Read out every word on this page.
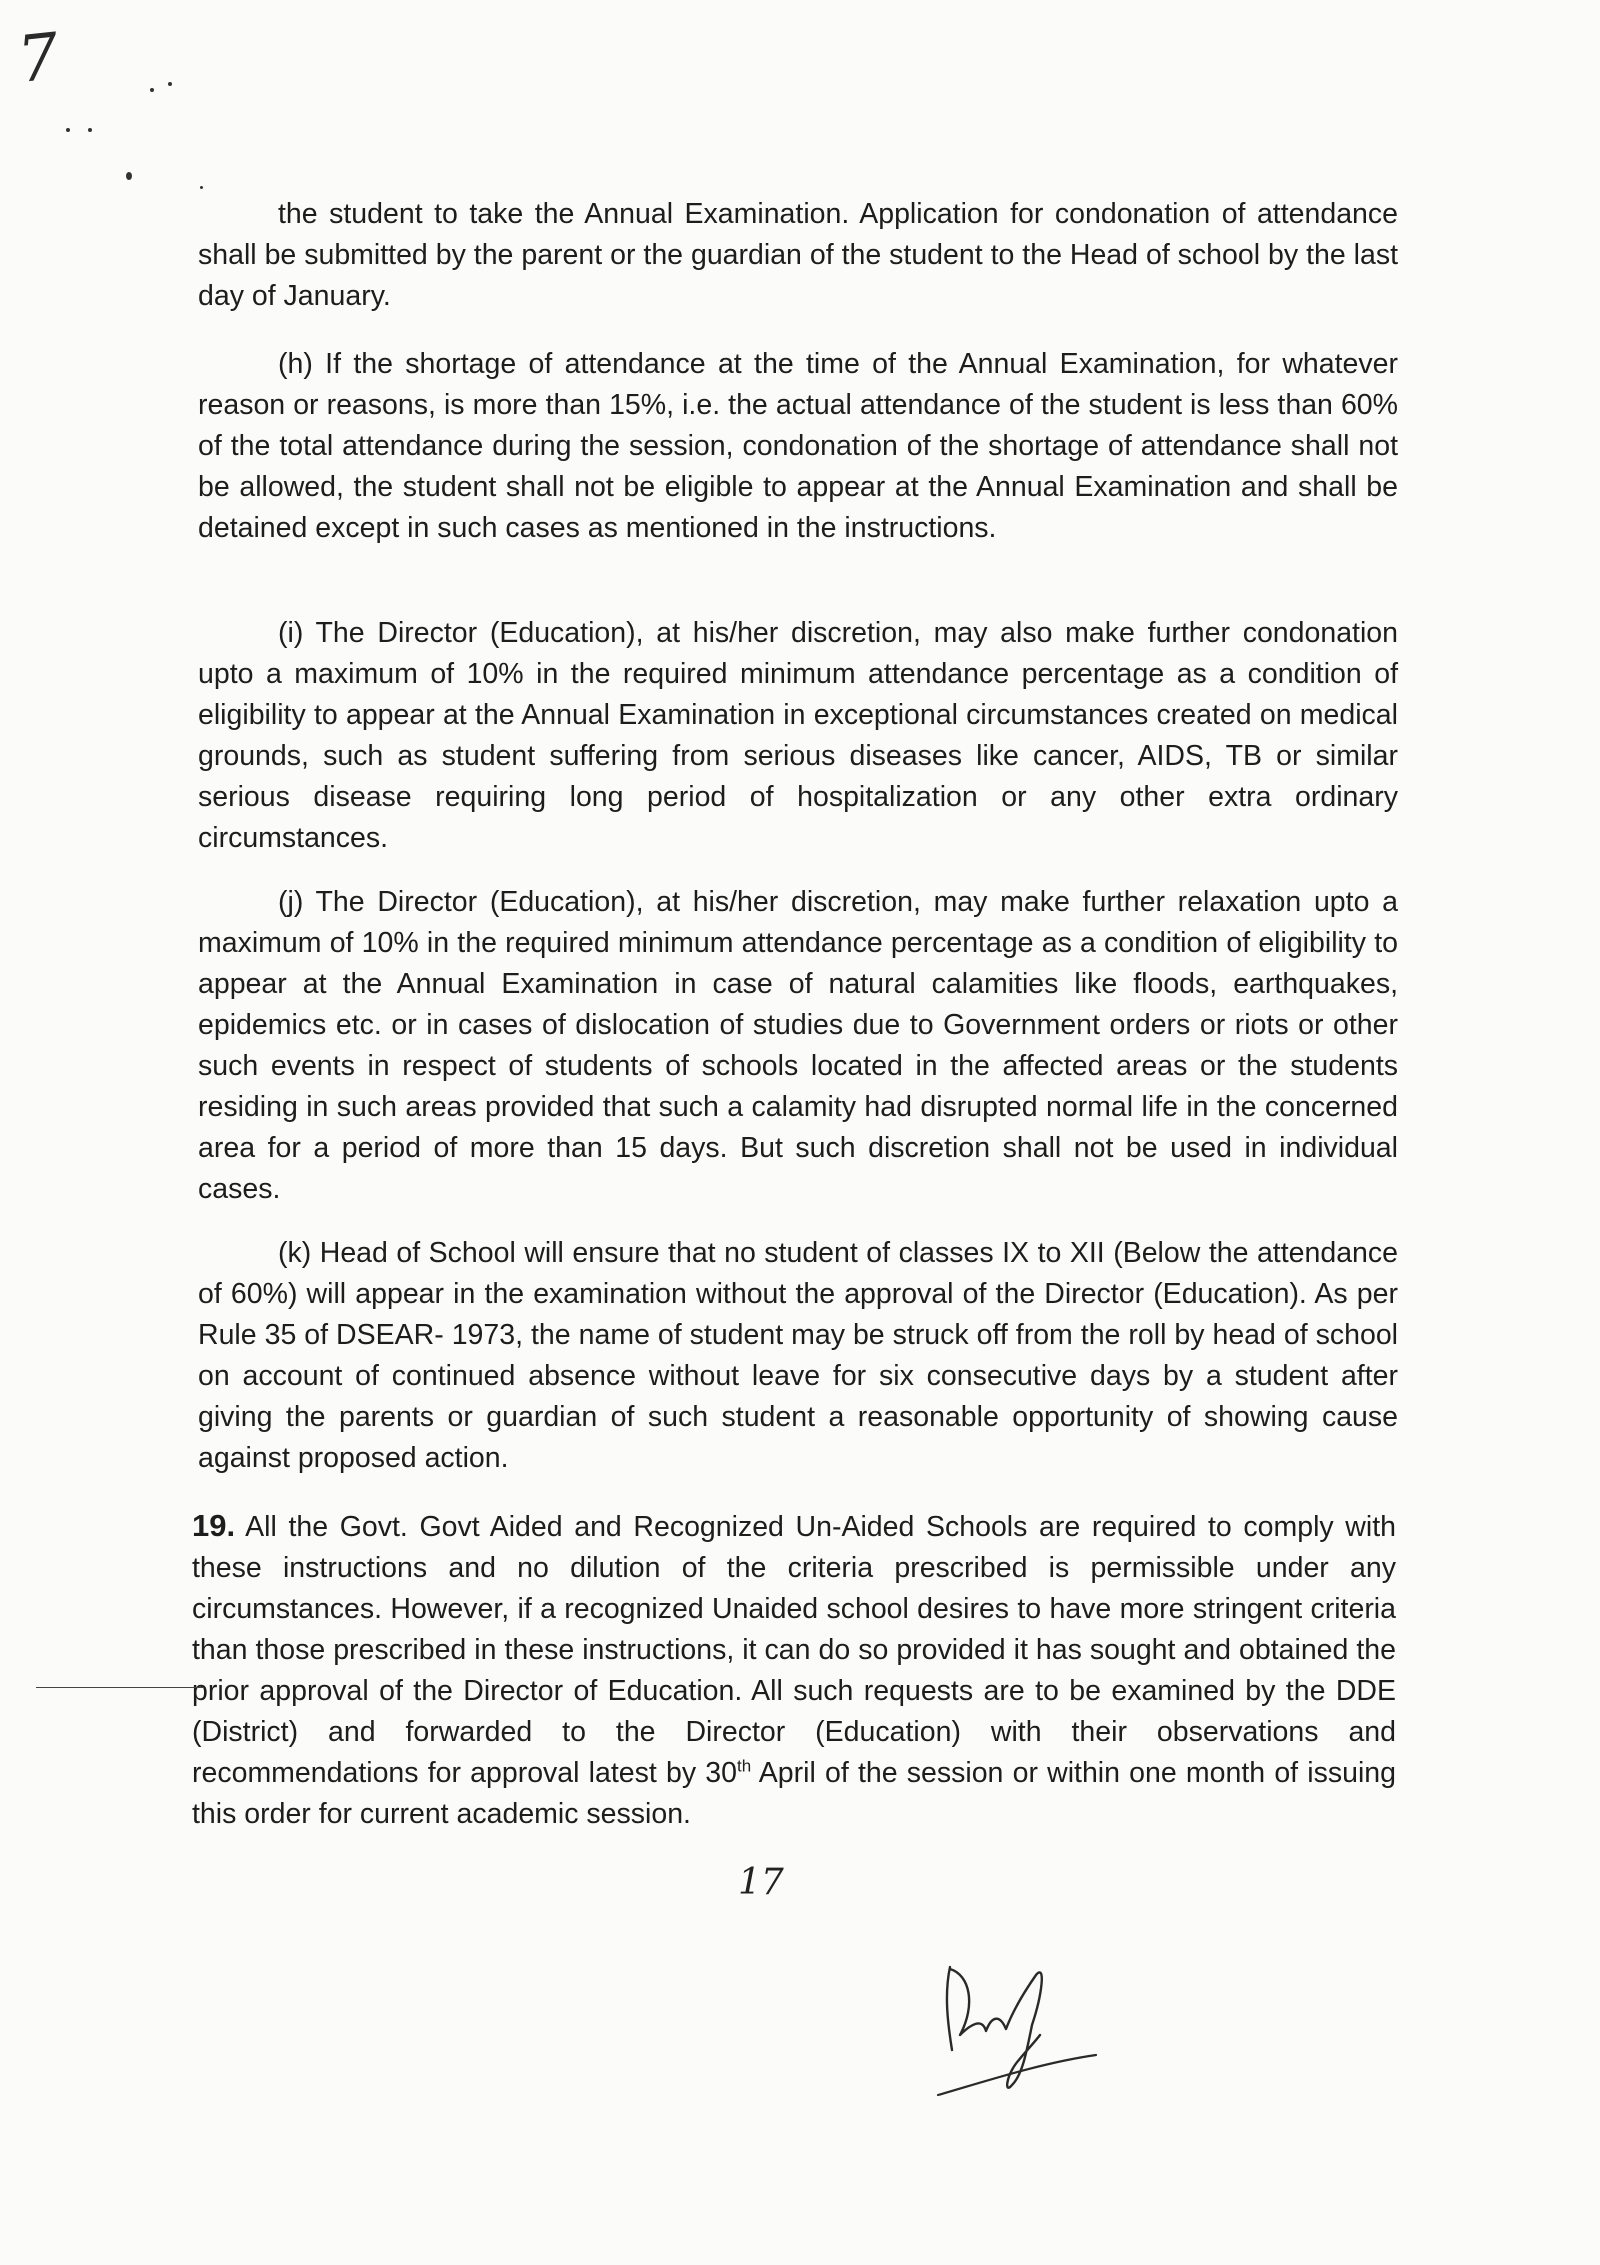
7

the student to take the Annual Examination. Application for condonation of attendance shall be submitted by the parent or the guardian of the student to the Head of school by the last day of January.

(h) If the shortage of attendance at the time of the Annual Examination, for whatever reason or reasons, is more than 15%, i.e. the actual attendance of the student is less than 60% of the total attendance during the session, condonation of the shortage of attendance shall not be allowed, the student shall not be eligible to appear at the Annual Examination and shall be detained except in such cases as mentioned in the instructions.

(i) The Director (Education), at his/her discretion, may also make further condonation upto a maximum of 10% in the required minimum attendance percentage as a condition of eligibility to appear at the Annual Examination in exceptional circumstances created on medical grounds, such as student suffering from serious diseases like cancer, AIDS, TB or similar serious disease requiring long period of hospitalization or any other extra ordinary circumstances.

(j) The Director (Education), at his/her discretion, may make further relaxation upto a maximum of 10% in the required minimum attendance percentage as a condition of eligibility to appear at the Annual Examination in case of natural calamities like floods, earthquakes, epidemics etc. or in cases of dislocation of studies due to Government orders or riots or other such events in respect of students of schools located in the affected areas or the students residing in such areas provided that such a calamity had disrupted normal life in the concerned area for a period of more than 15 days. But such discretion shall not be used in individual cases.

(k) Head of School will ensure that no student of classes IX to XII (Below the attendance of 60%) will appear in the examination without the approval of the Director (Education). As per Rule 35 of DSEAR- 1973, the name of student may be struck off from the roll by head of school on account of continued absence without leave for six consecutive days by a student after giving the parents or guardian of such student a reasonable opportunity of showing cause against proposed action.

19. All the Govt. Govt Aided and Recognized Un-Aided Schools are required to comply with these instructions and no dilution of the criteria prescribed is permissible under any circumstances. However, if a recognized Unaided school desires to have more stringent criteria than those prescribed in these instructions, it can do so provided it has sought and obtained the prior approval of the Director of Education. All such requests are to be examined by the DDE (District) and forwarded to the Director (Education) with their observations and recommendations for approval latest by 30th April of the session or within one month of issuing this order for current academic session.

17
